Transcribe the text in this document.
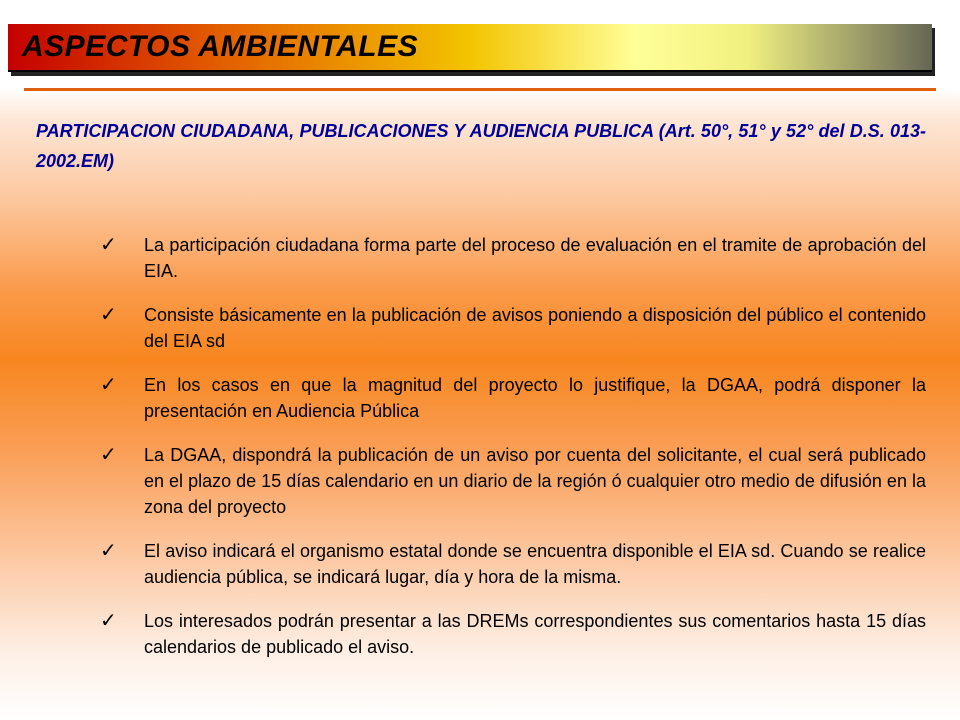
ASPECTOS AMBIENTALES
PARTICIPACION CIUDADANA, PUBLICACIONES Y AUDIENCIA PUBLICA (Art. 50°, 51° y 52° del D.S. 013-2002.EM)
✓ La participación ciudadana forma parte del proceso de evaluación en el tramite de aprobación del EIA.
✓ Consiste básicamente en la publicación de avisos poniendo a disposición del público el contenido del EIA sd
✓ En los casos en que la magnitud del proyecto lo justifique, la DGAA, podrá disponer la presentación en Audiencia Pública
✓ La DGAA, dispondrá la publicación de un aviso por cuenta del solicitante, el cual será publicado en el plazo de 15 días calendario en un diario de la región ó cualquier otro medio de difusión en la zona del proyecto
✓ El aviso indicará el organismo estatal donde se encuentra disponible el EIA sd. Cuando se realice audiencia pública, se indicará lugar, día y hora de la misma.
✓ Los interesados podrán presentar a las DREMs correspondientes sus comentarios hasta 15 días calendarios de publicado el aviso.
